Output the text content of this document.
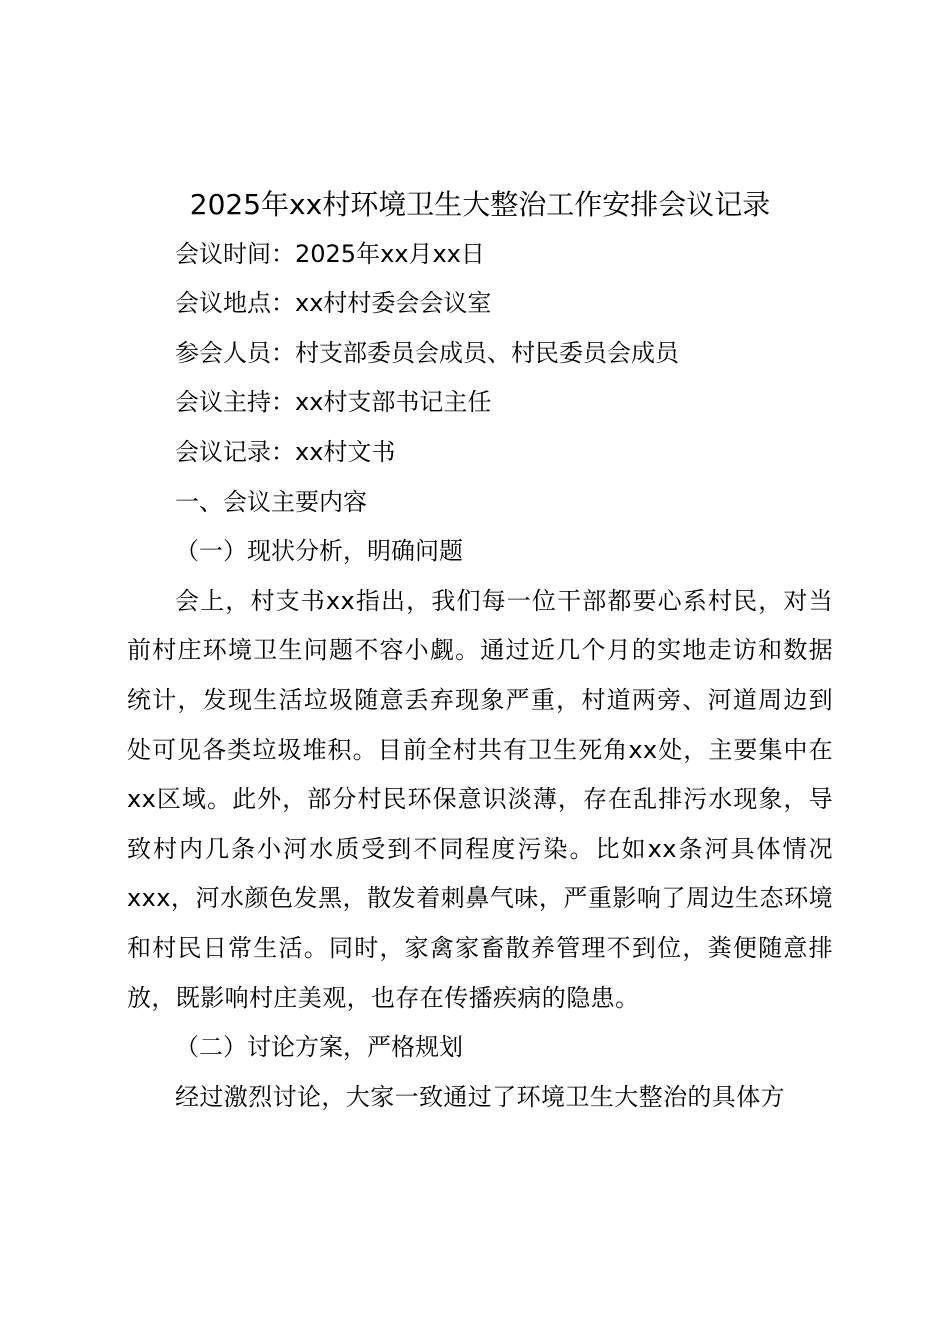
2025年xx村环境卫生大整治工作安排会议记录

会议时间：2025年xx月xx日

会议地点：xx村村委会会议室

参会人员：村支部委员会成员、村民委员会成员

会议主持：xx村支部书记主任

会议记录：xx村文书

一、会议主要内容

（一）现状分析，明确问题

会上，村支书xx指出，我们每一位干部都要心系村民，对当前村庄环境卫生问题不容小觑。通过近几个月的实地走访和数据统计，发现生活垃圾随意丢弃现象严重，村道两旁、河道周边到处可见各类垃圾堆积。目前全村共有卫生死角xx处，主要集中在xx区域。此外，部分村民环保意识淡薄，存在乱排污水现象，导致村内几条小河水质受到不同程度污染。比如xx条河具体情况xxx，河水颜色发黑，散发着刺鼻气味，严重影响了周边生态环境和村民日常生活。同时，家禽家畜散养管理不到位，粪便随意排放，既影响村庄美观，也存在传播疾病的隐患。

（二）讨论方案，严格规划

经过激烈讨论，大家一致通过了环境卫生大整治的具体方
